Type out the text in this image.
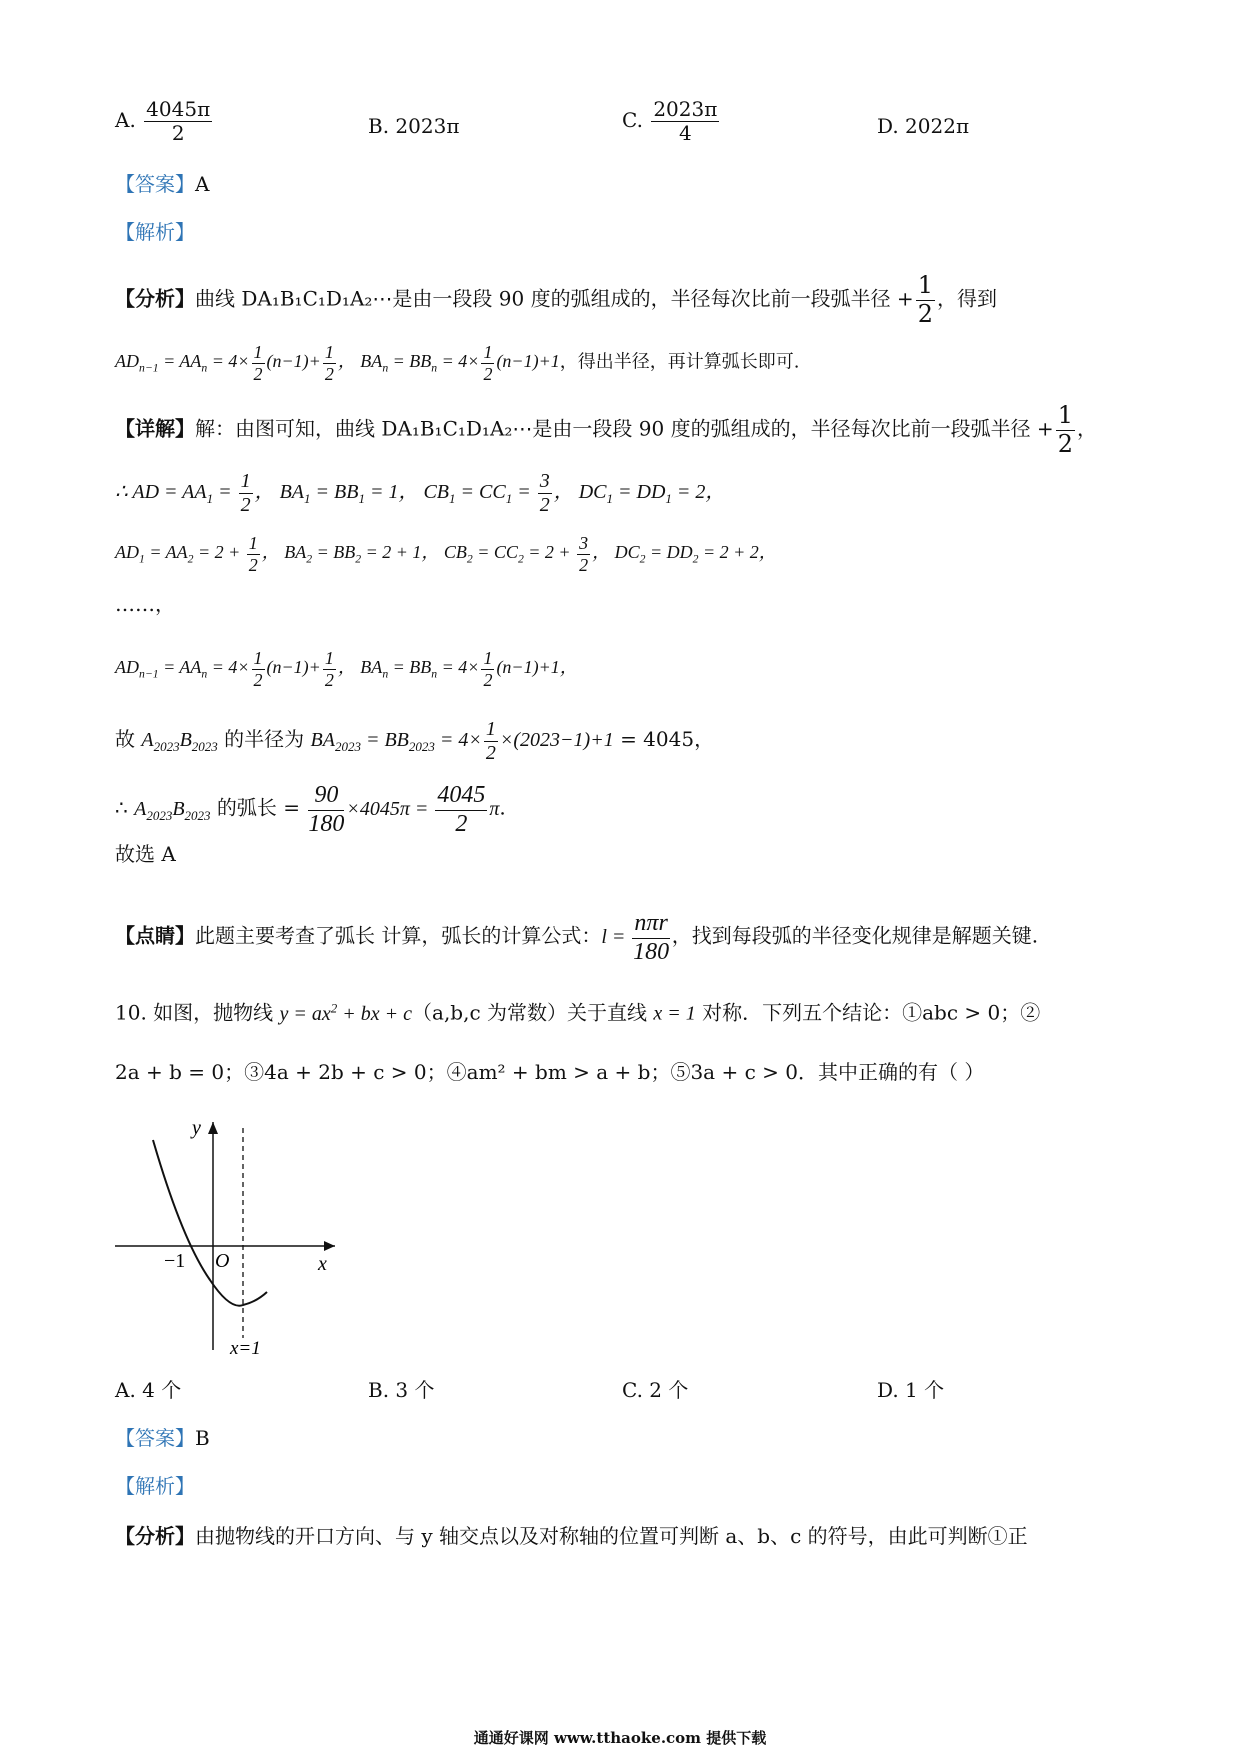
A. $\frac{4045\pi}{2}$	B. 2023π	C. $\frac{2023\pi}{4}$	D. 2022π
【答案】A
【解析】
【分析】曲线 DA₁B₁C₁D₁A₂⋯是由一段段 90 度的弧组成的，半径每次比前一段弧半径 + $\frac{1}{2}$ ，得到
$AD_{n-1} = AA_n = 4\times \frac{1}{2} (n-1)+ \frac{1}{2}$ ， $BA_n = BB_n = 4\times \frac{1}{2} (n-1)+1$，得出半径，再计算弧长即可.
【详解】解：由图可知，曲线 DA₁B₁C₁D₁A₂⋯是由一段段 90 度的弧组成的，半径每次比前一段弧半径 + $\frac{1}{2}$ ，
∴ AD = $AA_1 = \frac{1}{2}$ ， $BA_1 = BB_1 = 1$， $CB_1 = CC_1 = \frac{3}{2}$ ， $DC_1 = DD_1 = 2$，
$AD_1 = AA_2 = 2 + \frac{1}{2}$ ， $BA_2 = BB_2 = 2 + 1$， $CB_2 = CC_2 = 2 + \frac{3}{2}$ ， $DC_2 = DD_2 = 2 + 2$，
……，
$AD_{n-1} = AA_n = 4\times \frac{1}{2} (n-1)+ \frac{1}{2}$ ， $BA_n = BB_n = 4\times \frac{1}{2} (n-1)+1$，
故 $A_{2023}B_{2023}$ 的半径为 $BA_{2023} = BB_{2023} = 4\times \frac{1}{2} \times(2023-1)+1 = 4045$，
∴ $A_{2023}B_{2023}$ 的弧长 = $\frac{90}{180} \times 4045\pi = \frac{4045}{2} \pi$.
故选 A
【点睛】此题主要考查了弧长 计算，弧长的计算公式：$l = \frac{\text{nπr}}{180}$ ，找到每段弧的半径变化规律是解题关键.
10. 如图，抛物线 $y = ax^2$ + bx + c（a,b,c 为常数）关于直线 x = 1 对称．下列五个结论：①abc > 0；②
2a + b = 0；③4a + 2b + c > 0；④am² + bm > a + b；⑤3a + c > 0．其中正确的有（ ）
y
x
O
−1
x=1
A. 4 个	B. 3 个	C. 2 个	D. 1 个
【答案】B
【解析】
【分析】由抛物线的开口方向、与 y 轴交点以及对称轴的位置可判断 a、b、c 的符号，由此可判断①正
通通好课网 www.tthaoke.com 提供下载
